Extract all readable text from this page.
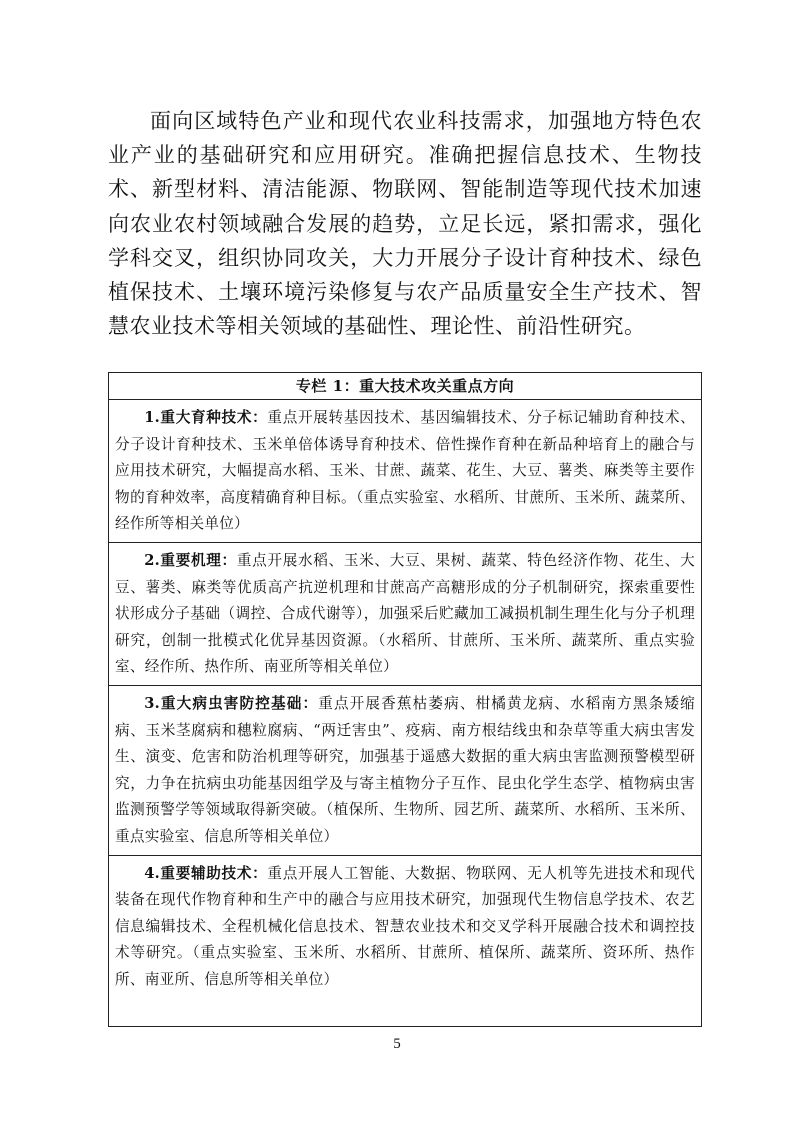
面向区域特色产业和现代农业科技需求，加强地方特色农业产业的基础研究和应用研究。准确把握信息技术、生物技术、新型材料、清洁能源、物联网、智能制造等现代技术加速向农业农村领域融合发展的趋势，立足长远，紧扣需求，强化学科交叉，组织协同攻关，大力开展分子设计育种技术、绿色植保技术、土壤环境污染修复与农产品质量安全生产技术、智慧农业技术等相关领域的基础性、理论性、前沿性研究。

专栏 1：重大技术攻关重点方向
1.重大育种技术：重点开展转基因技术、基因编辑技术、分子标记辅助育种技术、分子设计育种技术、玉米单倍体诱导育种技术、倍性操作育种在新品种培育上的融合与应用技术研究，大幅提高水稻、玉米、甘蔗、蔬菜、花生、大豆、薯类、麻类等主要作物的育种效率，高度精确育种目标。（重点实验室、水稻所、甘蔗所、玉米所、蔬菜所、经作所等相关单位）
2.重要机理：重点开展水稻、玉米、大豆、果树、蔬菜、特色经济作物、花生、大豆、薯类、麻类等优质高产抗逆机理和甘蔗高产高糖形成的分子机制研究，探索重要性状形成分子基础（调控、合成代谢等），加强采后贮藏加工减损机制生理生化与分子机理研究，创制一批模式化优异基因资源。（水稻所、甘蔗所、玉米所、蔬菜所、重点实验室、经作所、热作所、南亚所等相关单位）
3.重大病虫害防控基础：重点开展香蕉枯萎病、柑橘黄龙病、水稻南方黑条矮缩病、玉米茎腐病和穗粒腐病、“两迁害虫”、疫病、南方根结线虫和杂草等重大病虫害发生、演变、危害和防治机理等研究，加强基于遥感大数据的重大病虫害监测预警模型研究，力争在抗病虫功能基因组学及与寄主植物分子互作、昆虫化学生态学、植物病虫害监测预警学等领域取得新突破。（植保所、生物所、园艺所、蔬菜所、水稻所、玉米所、重点实验室、信息所等相关单位）
4.重要辅助技术：重点开展人工智能、大数据、物联网、无人机等先进技术和现代装备在现代作物育种和生产中的融合与应用技术研究，加强现代生物信息学技术、农艺信息编辑技术、全程机械化信息技术、智慧农业技术和交叉学科开展融合技术和调控技术等研究。（重点实验室、玉米所、水稻所、甘蔗所、植保所、蔬菜所、资环所、热作所、南亚所、信息所等相关单位）
5
